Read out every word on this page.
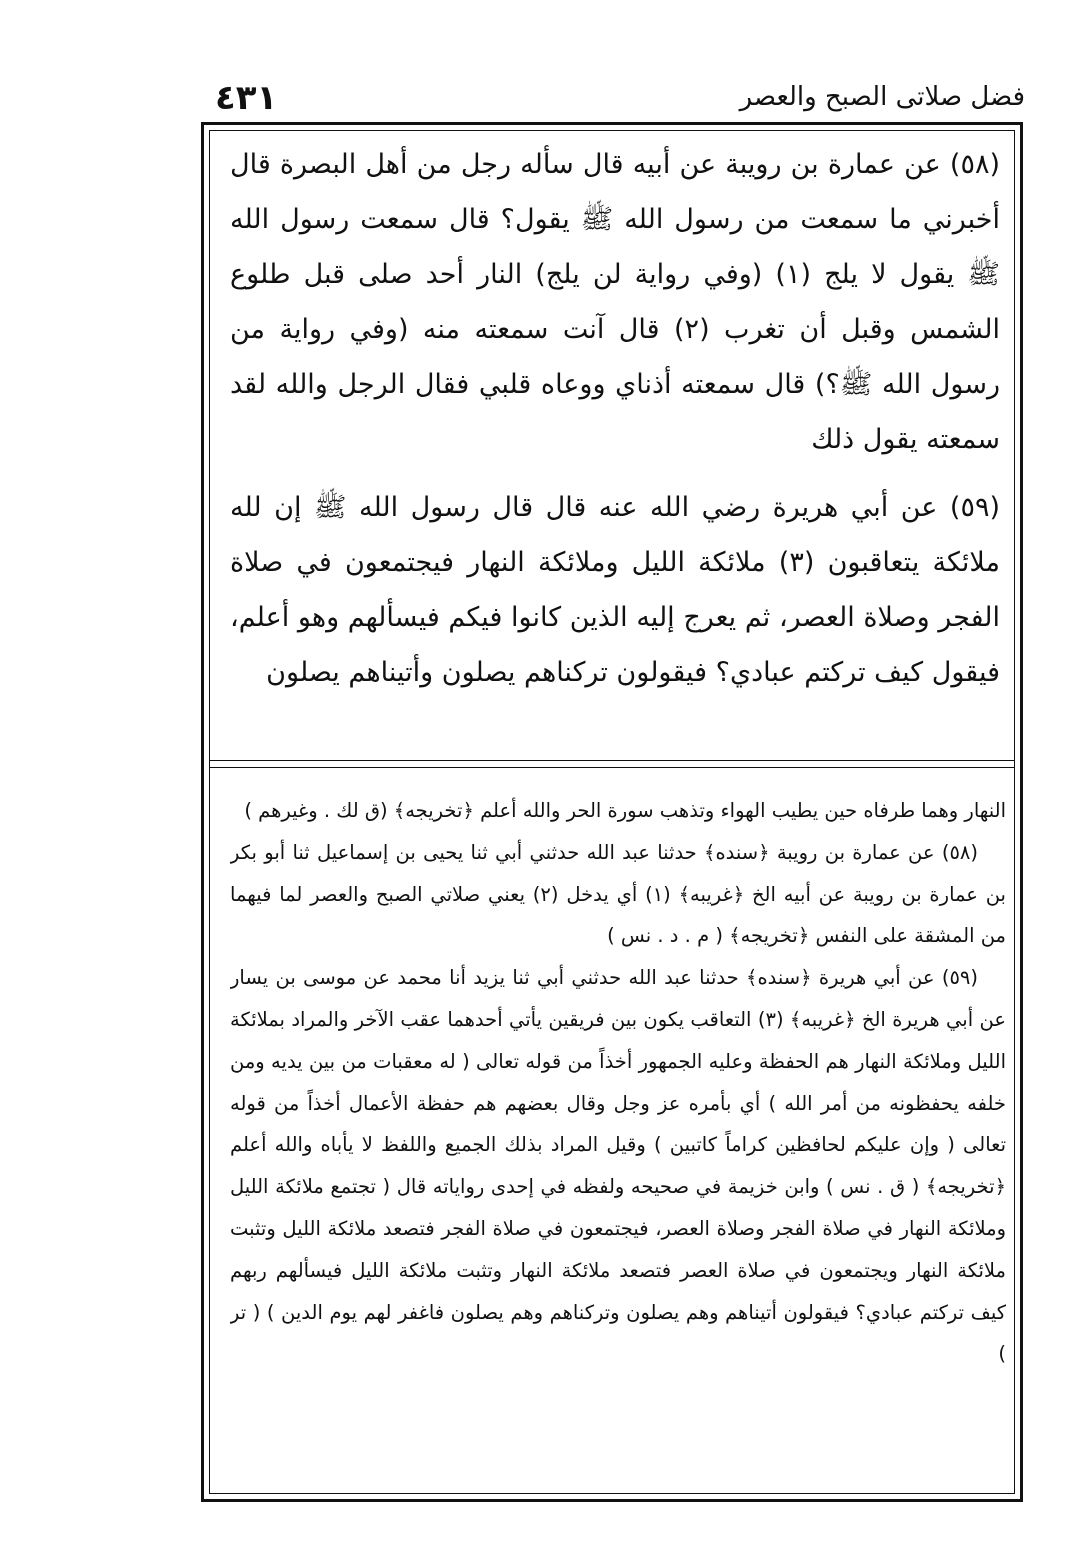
٤٣١	فضل صلاتى الصبح والعصر
(٥٨) عن عمارة بن رويبة عن أبيه قال سأله رجل من أهل البصرة قال أخبرني ما سمعت من رسول الله ﷺ يقول؟ قال سمعت رسول الله ﷺ يقول لا يلج (١) (وفي رواية لن يلج) النار أحد صلى قبل طلوع الشمس وقبل أن تغرب (٢) قال آنت سمعته منه (وفي رواية من رسول الله ﷺ؟) قال سمعته أذناي ووعاه قلبي فقال الرجل والله لقد سمعته يقول ذلك
(٥٩) عن أبي هريرة رضي الله عنه قال قال رسول الله ﷺ إن لله ملائكة يتعاقبون (٣) ملائكة الليل وملائكة النهار فيجتمعون في صلاة الفجر وصلاة العصر، ثم يعرج إليه الذين كانوا فيكم فيسألهم وهو أعلم، فيقول كيف تركتم عبادي؟ فيقولون تركناهم يصلون وأتيناهم يصلون

النهار وهما طرفاه حين يطيب الهواء وتذهب سورة الحر والله أعلم ﴿تخريجه﴾ (ق لك . وغيرهم )

(٥٨) عن عمارة بن رويبة ﴿سنده﴾ حدثنا عبد الله حدثني أبي ثنا يحيى بن إسماعيل ثنا أبو بكر بن عمارة بن رويبة عن أبيه الخ ﴿غريبه﴾ (١) أي يدخل (٢) يعني صلاتي الصبح والعصر لما فيهما من المشقة على النفس ﴿تخريجه﴾ ( م . د . نس )

(٥٩) عن أبي هريرة ﴿سنده﴾ حدثنا عبد الله حدثني أبي ثنا يزيد أنا محمد عن موسى بن يسار عن أبي هريرة الخ ﴿غريبه﴾ (٣) التعاقب يكون بين فريقين يأتي أحدهما عقب الآخر والمراد بملائكة الليل وملائكة النهار هم الحفظة وعليه الجمهور أخذاً من قوله تعالى ( له معقبات من بين يديه ومن خلفه يحفظونه من أمر الله ) أي بأمره عز وجل وقال بعضهم هم حفظة الأعمال أخذاً من قوله تعالى ( وإن عليكم لحافظين كراماً كاتبين ) وقيل المراد بذلك الجميع واللفظ لا يأباه والله أعلم ﴿تخريجه﴾ ( ق . نس ) وابن خزيمة في صحيحه ولفظه في إحدى رواياته قال ( تجتمع ملائكة الليل وملائكة النهار في صلاة الفجر وصلاة العصر، فيجتمعون في صلاة الفجر فتصعد ملائكة الليل وتثبت ملائكة النهار ويجتمعون في صلاة العصر فتصعد ملائكة النهار وتثبت ملائكة الليل فيسألهم ربهم كيف تركتم عبادي؟ فيقولون أتيناهم وهم يصلون وتركناهم وهم يصلون فاغفر لهم يوم الدين ) ( تر )
